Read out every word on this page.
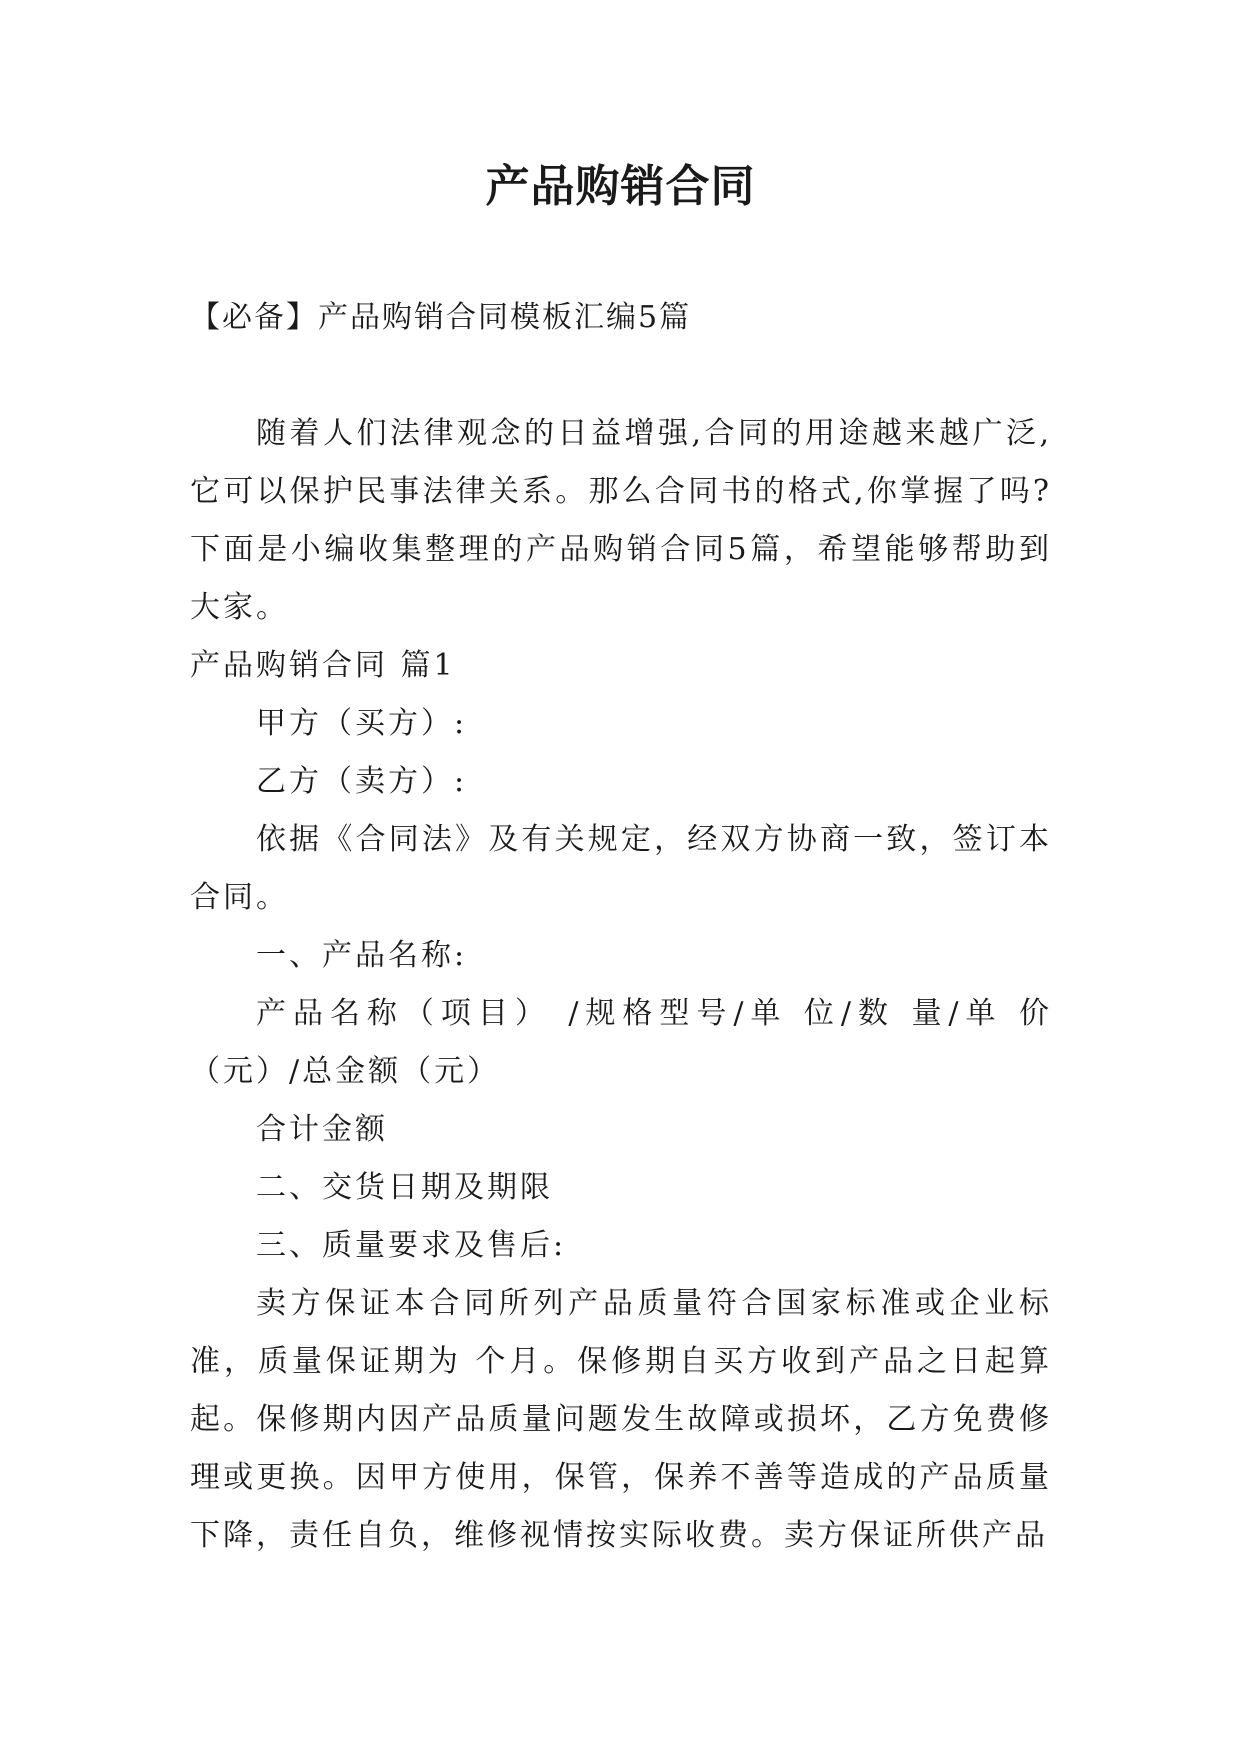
产品购销合同
【必备】产品购销合同模板汇编5篇

随着人们法律观念的日益增强,合同的用途越来越广泛,它可以保护民事法律关系。那么合同书的格式,你掌握了吗?下面是小编收集整理的产品购销合同5篇，希望能够帮助到大家。

产品购销合同 篇1

甲方（买方）:

乙方（卖方）:

依据《合同法》及有关规定，经双方协商一致，签订本合同。

一、产品名称:

产品名称（项目） /规格型号/单 位/数 量/单 价（元）/总金额（元）

合计金额

二、交货日期及期限

三、质量要求及售后:

卖方保证本合同所列产品质量符合国家标准或企业标准，质量保证期为 个月。保修期自买方收到产品之日起算起。保修期内因产品质量问题发生故障或损坏，乙方免费修理或更换。因甲方使用，保管，保养不善等造成的产品质量下降，责任自负，维修视情按实际收费。卖方保证所供产品
